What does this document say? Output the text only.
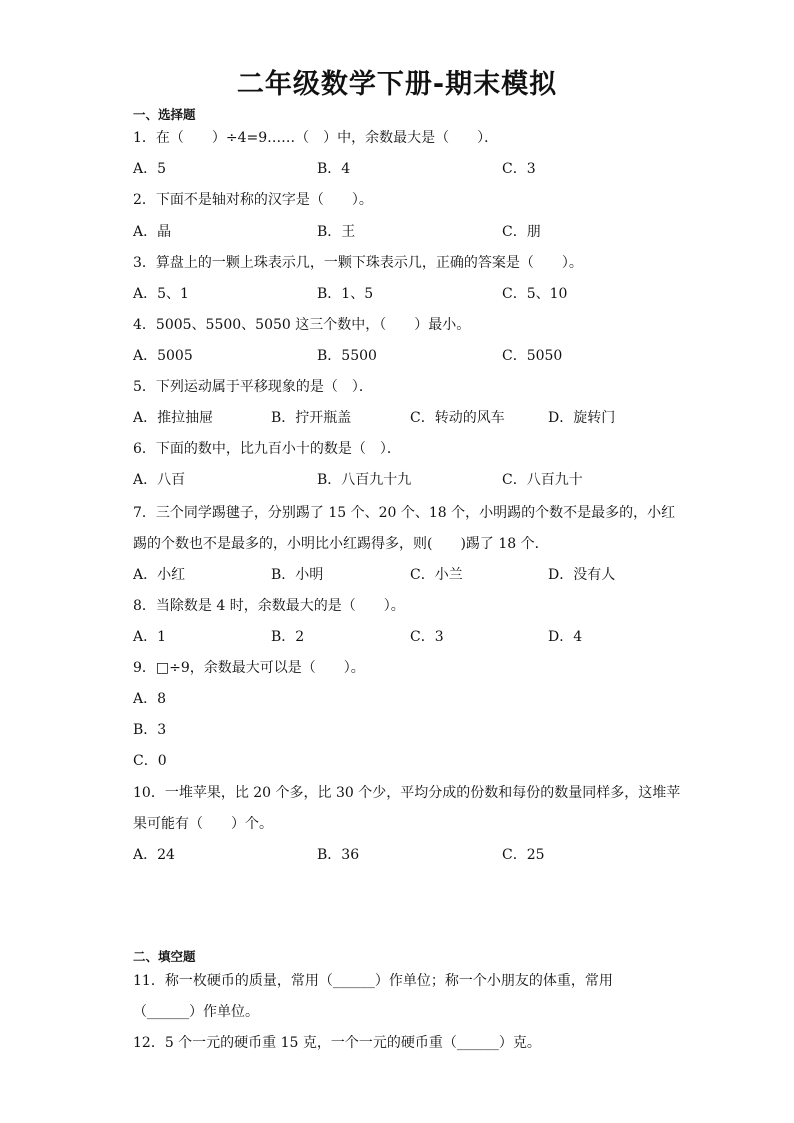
二年级数学下册-期末模拟
一、选择题
1．在（　　）÷4=9……（　）中，余数最大是（　　）．
A．5	B．4	C．3
2．下面不是轴对称的汉字是（　　）。
A．晶	B．王	C．朋
3．算盘上的一颗上珠表示几，一颗下珠表示几，正确的答案是（　　）。
A．5、1	B．1、5	C．5、10
4．5005、5500、5050 这三个数中，（　　）最小。
A．5005	B．5500	C．5050
5．下列运动属于平移现象的是（　）．
A．推拉抽屉	B．拧开瓶盖	C．转动的风车	D．旋转门
6．下面的数中，比九百小十的数是（　）．
A．八百	B．八百九十九	C．八百九十
7．三个同学踢毽子，分别踢了 15 个、20 个、18 个，小明踢的个数不是最多的，小红
踢的个数也不是最多的，小明比小红踢得多，则(　　)踢了 18 个．
A．小红	B．小明	C．小兰	D．没有人
8．当除数是 4 时，余数最大的是（　　）。
A．1	B．2	C．3	D．4
9．□÷9，余数最大可以是（　　）。
A．8
B．3
C．0
10．一堆苹果，比 20 个多，比 30 个少，平均分成的份数和每份的数量同样多，这堆苹
果可能有（　　）个。
A．24	B．36	C．25
二、填空题
11．称一枚硬币的质量，常用（______）作单位；称一个小朋友的体重，常用
（______）作单位。
12．5 个一元的硬币重 15 克，一个一元的硬币重（______）克。
